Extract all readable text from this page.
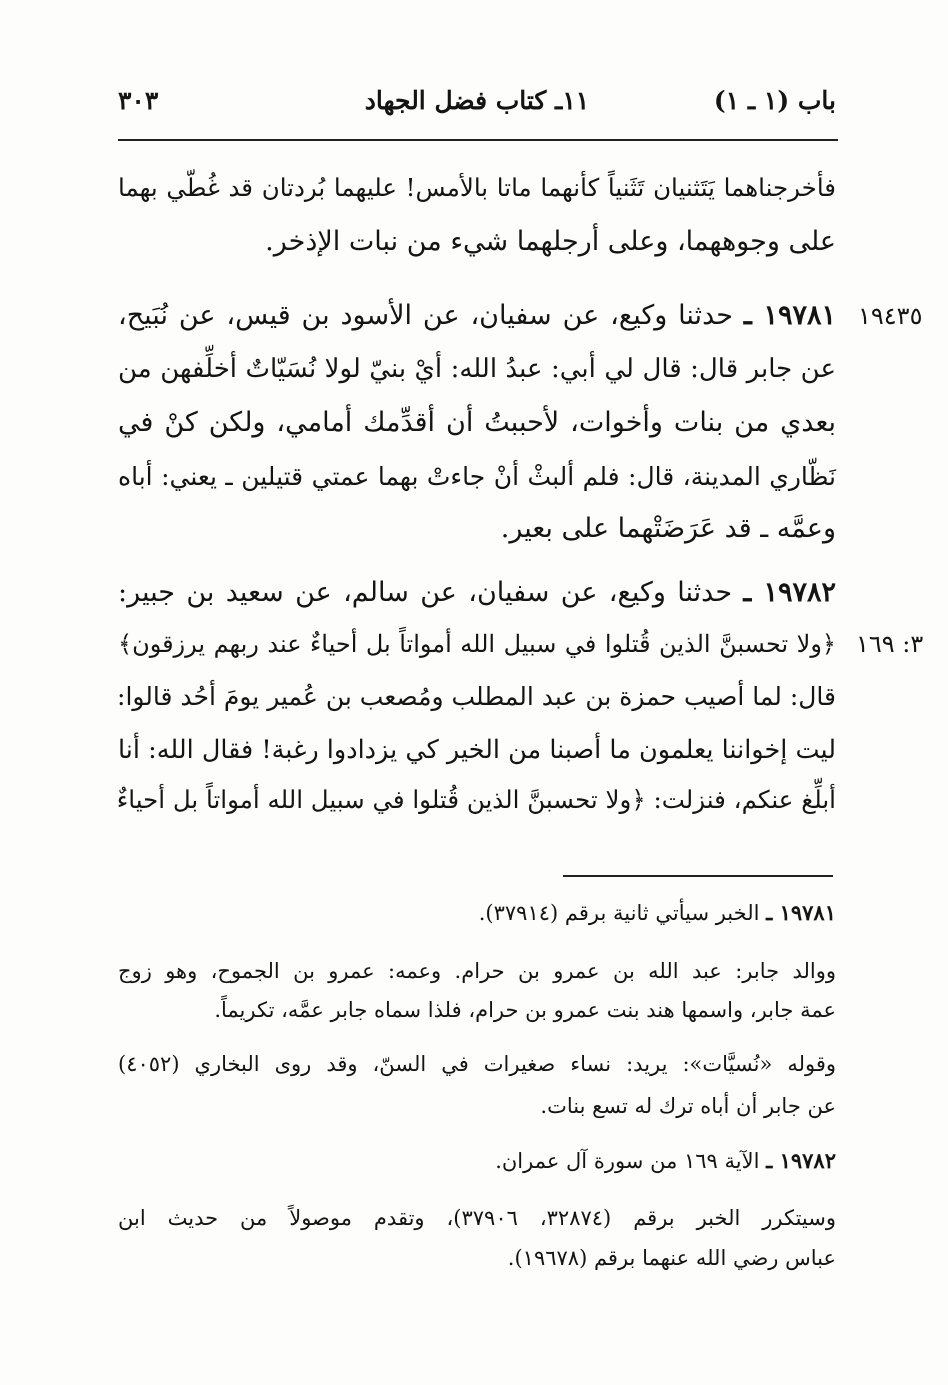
باب (١ ـ ١)
١١ـ كتاب فضل الجهاد
٣٠٣
فأخرجناهما يَتَثنيان تَثَنياً كأنهما ماتا بالأمس! عليهما بُردتان قد غُطّي بهما
على وجوههما، وعلى أرجلهما شيء من نبات الإذخر.
١٩٤٣٥
١٩٧٨١ ـ حدثنا وكيع، عن سفيان، عن الأسود بن قيس، عن نُبَيح،
عن جابر قال: قال لي أبي: عبدُ الله: أيْ بنيّ لولا نُسَيّاتٌ أخلِّفهن من
بعدي من بنات وأخوات، لأحببتُ أن أقدِّمك أمامي، ولكن كنْ في
نَظّاري المدينة، قال: فلم ألبثْ أنْ جاءتْ بهما عمتي قتيلين ـ يعني: أباه
وعمَّه ـ قد عَرَضَتْهما على بعير.
١٩٧٨٢ ـ حدثنا وكيع، عن سفيان، عن سالم، عن سعيد بن جبير:
٣: ١٦٩
﴿ولا تحسبنَّ الذين قُتلوا في سبيل الله أمواتاً بل أحياءٌ عند ربهم يرزقون﴾
قال: لما أصيب حمزة بن عبد المطلب ومُصعب بن عُمير يومَ أحُد قالوا:
ليت إخواننا يعلمون ما أصبنا من الخير كي يزدادوا رغبة! فقال الله: أنا
أبلِّغ عنكم، فنزلت: ﴿ولا تحسبنَّ الذين قُتلوا في سبيل الله أمواتاً بل أحياءٌ
١٩٧٨١ ـ الخبر سيأتي ثانية برقم (٣٧٩١٤).
ووالد جابر: عبد الله بن عمرو بن حرام. وعمه: عمرو بن الجموح، وهو زوج
عمة جابر، واسمها هند بنت عمرو بن حرام، فلذا سماه جابر عمَّه، تكريماً.
وقوله «نُسيَّات»: يريد: نساء صغيرات في السنّ، وقد روى البخاري (٤٠٥٢)
عن جابر أن أباه ترك له تسع بنات.
١٩٧٨٢ ـ الآية ١٦٩ من سورة آل عمران.
وسيتكرر الخبر برقم (٣٢٨٧٤، ٣٧٩٠٦)، وتقدم موصولاً من حديث ابن
عباس رضي الله عنهما برقم (١٩٦٧٨).
